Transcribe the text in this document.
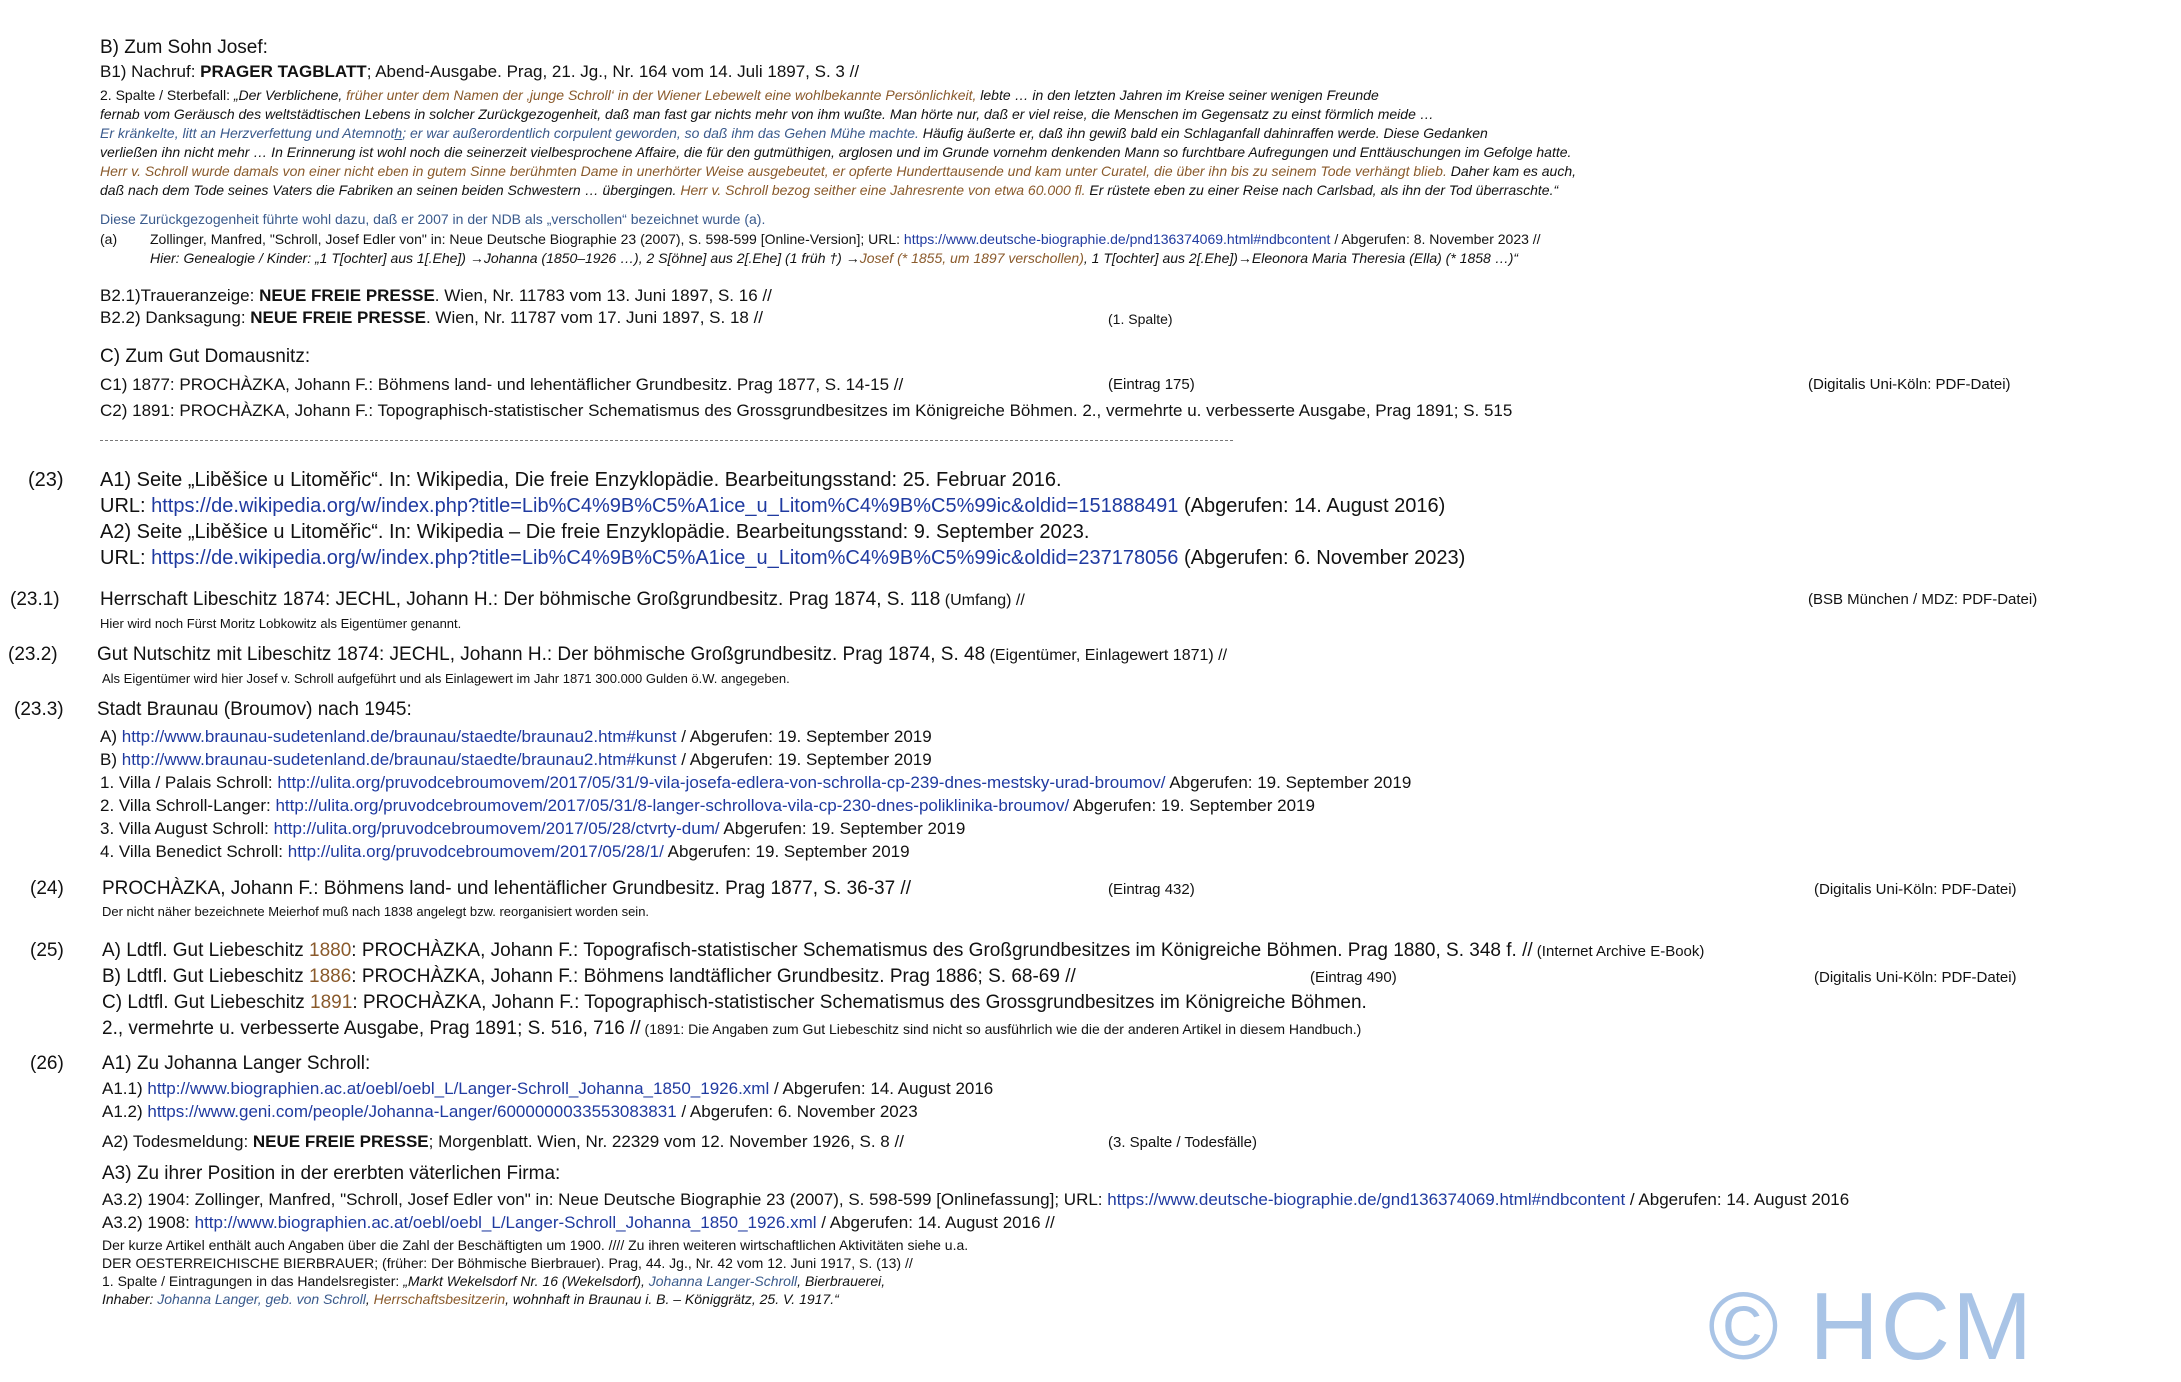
B) Zum Sohn Josef:
B1) Nachruf: PRAGER TAGBLATT; Abend-Ausgabe. Prag, 21. Jg., Nr. 164 vom 14. Juli 1897, S. 3 //
2. Spalte / Sterbefall: „Der Verblichene, früher unter dem Namen der ‚junge Schroll‘ in der Wiener Lebewelt eine wohlbekannte Persönlichkeit, lebte … in den letzten Jahren im Kreise seiner wenigen Freunde
fernab vom Geräusch des weltstädtischen Lebens in solcher Zurückgezogenheit, daß man fast gar nichts mehr von ihm wußte. Man hörte nur, daß er viel reise, die Menschen im Gegensatz zu einst förmlich meide …
Er kränkelte, litt an Herzverfettung und Atemnoth; er war außerordentlich corpulent geworden, so daß ihm das Gehen Mühe machte. Häufig äußerte er, daß ihn gewiß bald ein Schlaganfall dahinraffen werde. Diese Gedanken
verließen ihn nicht mehr … In Erinnerung ist wohl noch die seinerzeit vielbesprochene Affaire, die für den gutmüthigen, arglosen und im Grunde vornehm denkenden Mann so furchtbare Aufregungen und Enttäuschungen im Gefolge hatte.
Herr v. Schroll wurde damals von einer nicht eben in gutem Sinne berühmten Dame in unerhörter Weise ausgebeutet, er opferte Hunderttausende und kam unter Curatel, die über ihn bis zu seinem Tode verhängt blieb. Daher kam es auch,
daß nach dem Tode seines Vaters die Fabriken an seinen beiden Schwestern … übergingen. Herr v. Schroll bezog seither eine Jahresrente von etwa 60.000 fl. Er rüstete eben zu einer Reise nach Carlsbad, als ihn der Tod überraschte.“
Diese Zurückgezogenheit führte wohl dazu, daß er 2007 in der NDB als „verschollen“ bezeichnet wurde (a).
(a) Zollinger, Manfred, "Schroll, Josef Edler von" in: Neue Deutsche Biographie 23 (2007), S. 598-599 [Online-Version]; URL: https://www.deutsche-biographie.de/pnd136374069.html#ndbcontent / Abgerufen: 8. November 2023 //
Hier: Genealogie / Kinder: „1 T[ochter] aus 1[.Ehe]) →Johanna (1850–1926 …), 2 S[öhne] aus 2[.Ehe] (1 früh †) →Josef (* 1855, um 1897 verschollen), 1 T[ochter] aus 2[.Ehe])→Eleonora Maria Theresia (Ella) (* 1858 …)“
B2.1)Traueranzeige: NEUE FREIE PRESSE. Wien, Nr. 11783 vom 13. Juni 1897, S. 16 //
B2.2) Danksagung: NEUE FREIE PRESSE. Wien, Nr. 11787 vom 17. Juni 1897, S. 18 //	(1. Spalte)
C) Zum Gut Domausnitz:
C1) 1877: PROCHÀZKA, Johann F.: Böhmens land- und lehentäflicher Grundbesitz. Prag 1877, S. 14-15 //	(Eintrag 175)	(Digitalis Uni-Köln: PDF-Datei)
C2) 1891: PROCHÀZKA, Johann F.: Topographisch-statistischer Schematismus des Grossgrundbesitzes im Königreiche Böhmen. 2., vermehrte u. verbesserte Ausgabe, Prag 1891; S. 515
(23) A1) Seite „Liběšice u Litoměřic“. In: Wikipedia, Die freie Enzyklopädie. Bearbeitungsstand: 25. Februar 2016.
URL: https://de.wikipedia.org/w/index.php?title=Lib%C4%9B%C5%A1ice_u_Litom%C4%9B%C5%99ic&oldid=151888491 (Abgerufen: 14. August 2016)
A2) Seite „Liběšice u Litoměřic“. In: Wikipedia – Die freie Enzyklopädie. Bearbeitungsstand: 9. September 2023.
URL: https://de.wikipedia.org/w/index.php?title=Lib%C4%9B%C5%A1ice_u_Litom%C4%9B%C5%99ic&oldid=237178056 (Abgerufen: 6. November 2023)
(23.1) Herrschaft Libeschitz 1874: JECHL, Johann H.: Der böhmische Großgrundbesitz. Prag 1874, S. 118 (Umfang) //	(BSB München / MDZ: PDF-Datei)
Hier wird noch Fürst Moritz Lobkowitz als Eigentümer genannt.
(23.2) Gut Nutschitz mit Libeschitz 1874: JECHL, Johann H.: Der böhmische Großgrundbesitz. Prag 1874, S. 48 (Eigentümer, Einlagewert 1871) //
Als Eigentümer wird hier Josef v. Schroll aufgeführt und als Einlagewert im Jahr 1871 300.000 Gulden ö.W. angegeben.
(23.3) Stadt Braunau (Broumov) nach 1945:
A) http://www.braunau-sudetenland.de/braunau/staedte/braunau2.htm#kunst / Abgerufen: 19. September 2019
B) http://www.braunau-sudetenland.de/braunau/staedte/braunau2.htm#kunst / Abgerufen: 19. September 2019
1. Villa / Palais Schroll: http://ulita.org/pruvodcebroumovem/2017/05/31/9-vila-josefa-edlera-von-schrolla-cp-239-dnes-mestsky-urad-broumov/ Abgerufen: 19. September 2019
2. Villa Schroll-Langer: http://ulita.org/pruvodcebroumovem/2017/05/31/8-langer-schrollova-vila-cp-230-dnes-poliklinika-broumov/ Abgerufen: 19. September 2019
3. Villa August Schroll: http://ulita.org/pruvodcebroumovem/2017/05/28/ctvrty-dum/ Abgerufen: 19. September 2019
4. Villa Benedict Schroll: http://ulita.org/pruvodcebroumovem/2017/05/28/1/ Abgerufen: 19. September 2019
(24) PROCHÀZKA, Johann F.: Böhmens land- und lehentäflicher Grundbesitz. Prag 1877, S. 36-37 //	(Eintrag 432)	(Digitalis Uni-Köln: PDF-Datei)
Der nicht näher bezeichnete Meierhof muß nach 1838 angelegt bzw. reorganisiert worden sein.
(25) A) Ldtfl. Gut Liebeschitz 1880: PROCHÀZKA, Johann F.: Topografisch-statistischer Schematismus des Großgrundbesitzes im Königreiche Böhmen. Prag 1880, S. 348 f. // (Internet Archive E-Book)
B) Ldtfl. Gut Liebeschitz 1886: PROCHÀZKA, Johann F.: Böhmens landtäflicher Grundbesitz. Prag 1886; S. 68-69 //	(Eintrag 490)	(Digitalis Uni-Köln: PDF-Datei)
C) Ldtfl. Gut Liebeschitz 1891: PROCHÀZKA, Johann F.: Topographisch-statistischer Schematismus des Grossgrundbesitzes im Königreiche Böhmen.
2., vermehrte u. verbesserte Ausgabe, Prag 1891; S. 516, 716 // (1891: Die Angaben zum Gut Liebeschitz sind nicht so ausführlich wie die der anderen Artikel in diesem Handbuch.)
(26) A1) Zu Johanna Langer Schroll:
A1.1) http://www.biographien.ac.at/oebl/oebl_L/Langer-Schroll_Johanna_1850_1926.xml / Abgerufen: 14. August 2016
A1.2) https://www.geni.com/people/Johanna-Langer/6000000033553083831 / Abgerufen: 6. November 2023
A2) Todesmeldung: NEUE FREIE PRESSE; Morgenblatt. Wien, Nr. 22329 vom 12. November 1926, S. 8 //	(3. Spalte / Todesfälle)
A3) Zu ihrer Position in der ererbten väterlichen Firma:
A3.2) 1904: Zollinger, Manfred, "Schroll, Josef Edler von" in: Neue Deutsche Biographie 23 (2007), S. 598-599 [Onlinefassung]; URL: https://www.deutsche-biographie.de/gnd136374069.html#ndbcontent / Abgerufen: 14. August 2016
A3.2) 1908: http://www.biographien.ac.at/oebl/oebl_L/Langer-Schroll_Johanna_1850_1926.xml / Abgerufen: 14. August 2016 //
Der kurze Artikel enthält auch Angaben über die Zahl der Beschäftigten um 1900. //// Zu ihren weiteren wirtschaftlichen Aktivitäten siehe u.a.
DER OESTERREICHISCHE BIERBRAUER; (früher: Der Böhmische Bierbrauer). Prag, 44. Jg., Nr. 42 vom 12. Juni 1917, S. (13) //
1. Spalte / Eintragungen in das Handelsregister: „Markt Wekelsdorf Nr. 16 (Wekelsdorf), Johanna Langer-Schroll, Bierbrauerei,
Inhaber: Johanna Langer, geb. von Schroll, Herrschaftsbesitzerin, wohnhaft in Braunau i. B. – Königgrätz, 25. V. 1917.“	© HCM
